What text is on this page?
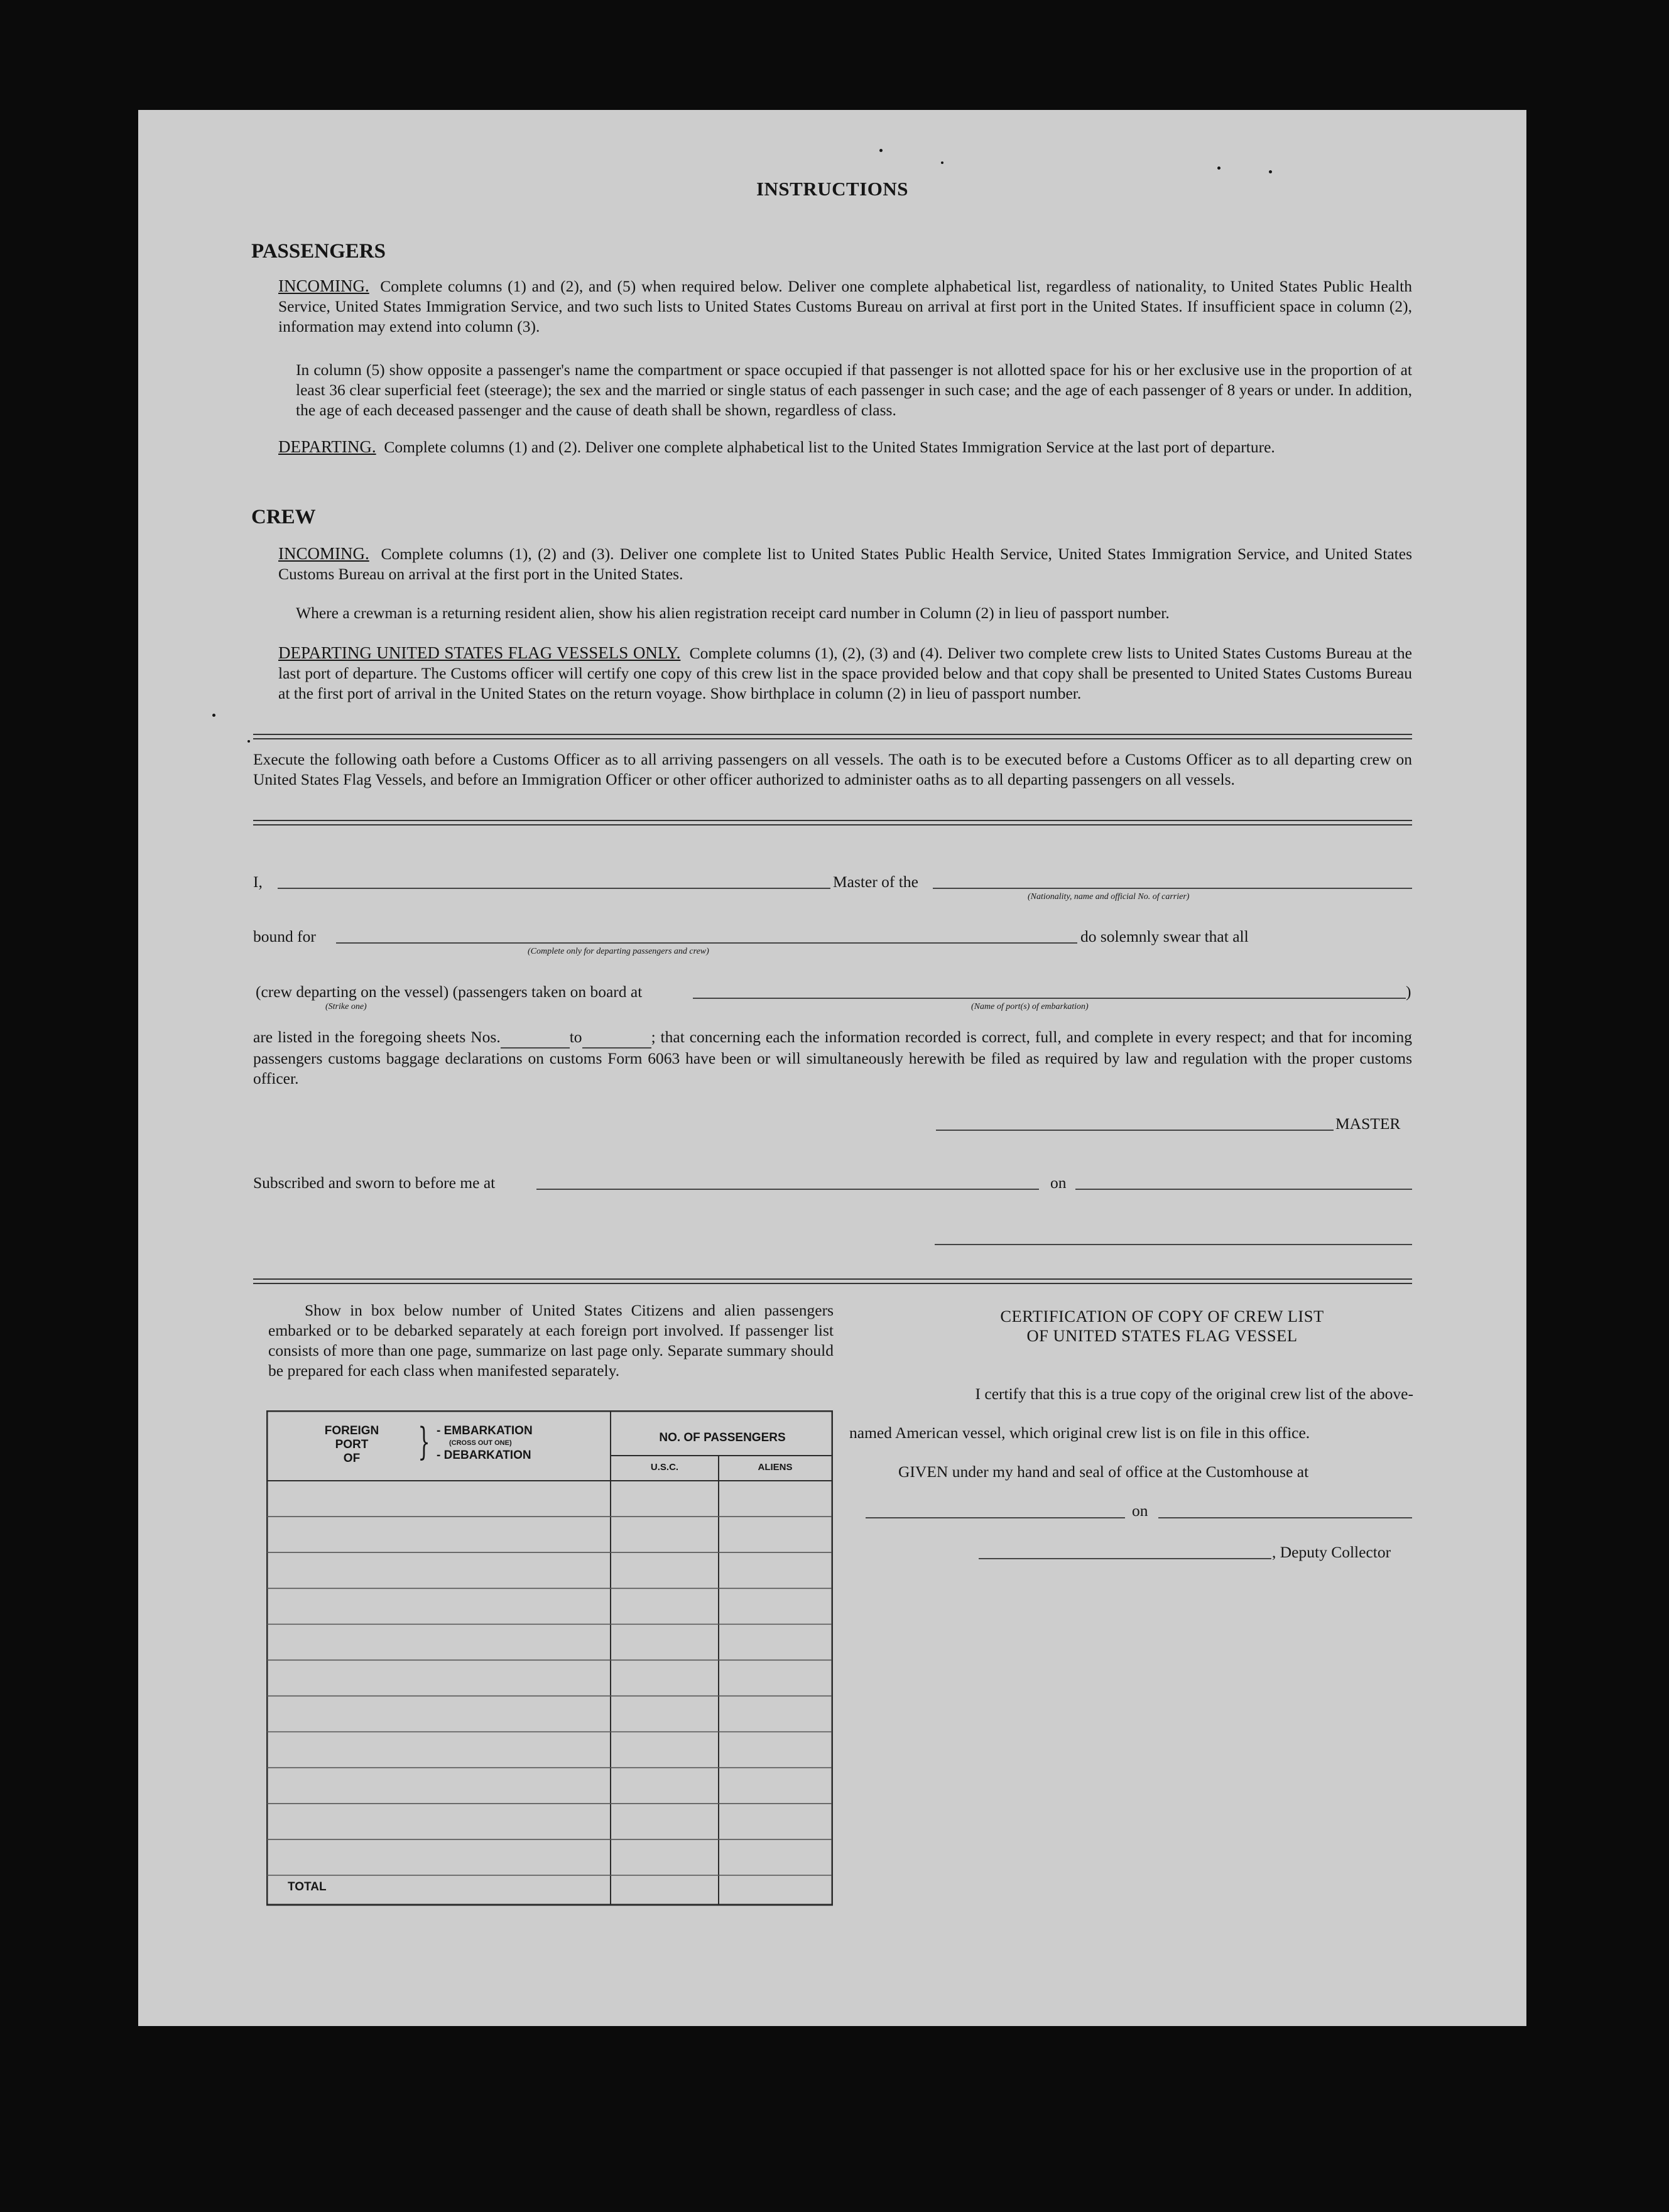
INSTRUCTIONS
PASSENGERS
INCOMING. Complete columns (1) and (2), and (5) when required below. Deliver one complete alphabetical list, regardless of nationality, to United States Public Health Service, United States Immigration Service, and two such lists to United States Customs Bureau on arrival at first port in the United States. If insufficient space in column (2), information may extend into column (3).
In column (5) show opposite a passenger's name the compartment or space occupied if that passenger is not allotted space for his or her exclusive use in the proportion of at least 36 clear superficial feet (steerage); the sex and the married or single status of each passenger in such case; and the age of each passenger of 8 years or under. In addition, the age of each deceased passenger and the cause of death shall be shown, regardless of class.
DEPARTING. Complete columns (1) and (2). Deliver one complete alphabetical list to the United States Immigration Service at the last port of departure.
CREW
INCOMING. Complete columns (1), (2) and (3). Deliver one complete list to United States Public Health Service, United States Immigration Service, and United States Customs Bureau on arrival at the first port in the United States.
Where a crewman is a returning resident alien, show his alien registration receipt card number in Column (2) in lieu of passport number.
DEPARTING UNITED STATES FLAG VESSELS ONLY. Complete columns (1), (2), (3) and (4). Deliver two complete crew lists to United States Customs Bureau at the last port of departure. The Customs officer will certify one copy of this crew list in the space provided below and that copy shall be presented to United States Customs Bureau at the first port of arrival in the United States on the return voyage. Show birthplace in column (2) in lieu of passport number.
Execute the following oath before a Customs Officer as to all arriving passengers on all vessels. The oath is to be executed before a Customs Officer as to all departing crew on United States Flag Vessels, and before an Immigration Officer or other officer authorized to administer oaths as to all departing passengers on all vessels.
I,	Master of the
(Nationality, name and official No. of carrier)
bound for
(Complete only for departing passengers and crew)
do solemnly swear that all
(crew departing on the vessel) (passengers taken on board at
(Strike one)	(Name of port(s) of embarkation)
)
are listed in the foregoing sheets Nos.	to	; that concerning each the information recorded is correct, full, and complete in every respect; and that for incoming passengers customs baggage declarations on customs Form 6063 have been or will simultaneously herewith be filed as required by law and regulation with the proper customs officer.
MASTER
Subscribed and sworn to before me at	on
Show in box below number of United States Citizens and alien passengers embarked or to be debarked separately at each foreign port involved. If passenger list consists of more than one page, summarize on last page only. Separate summary should be prepared for each class when manifested separately.
FOREIGN
PORT
OF	} - EMBARKATION
(CROSS OUT ONE)
- DEBARKATION
NO. OF PASSENGERS
U.S.C.	ALIENS
TOTAL
CERTIFICATION OF COPY OF CREW LIST
OF UNITED STATES FLAG VESSEL
I certify that this is a true copy of the original crew list of the above-
named American vessel, which original crew list is on file in this office.
GIVEN under my hand and seal of office at the Customhouse at
on
, Deputy Collector
